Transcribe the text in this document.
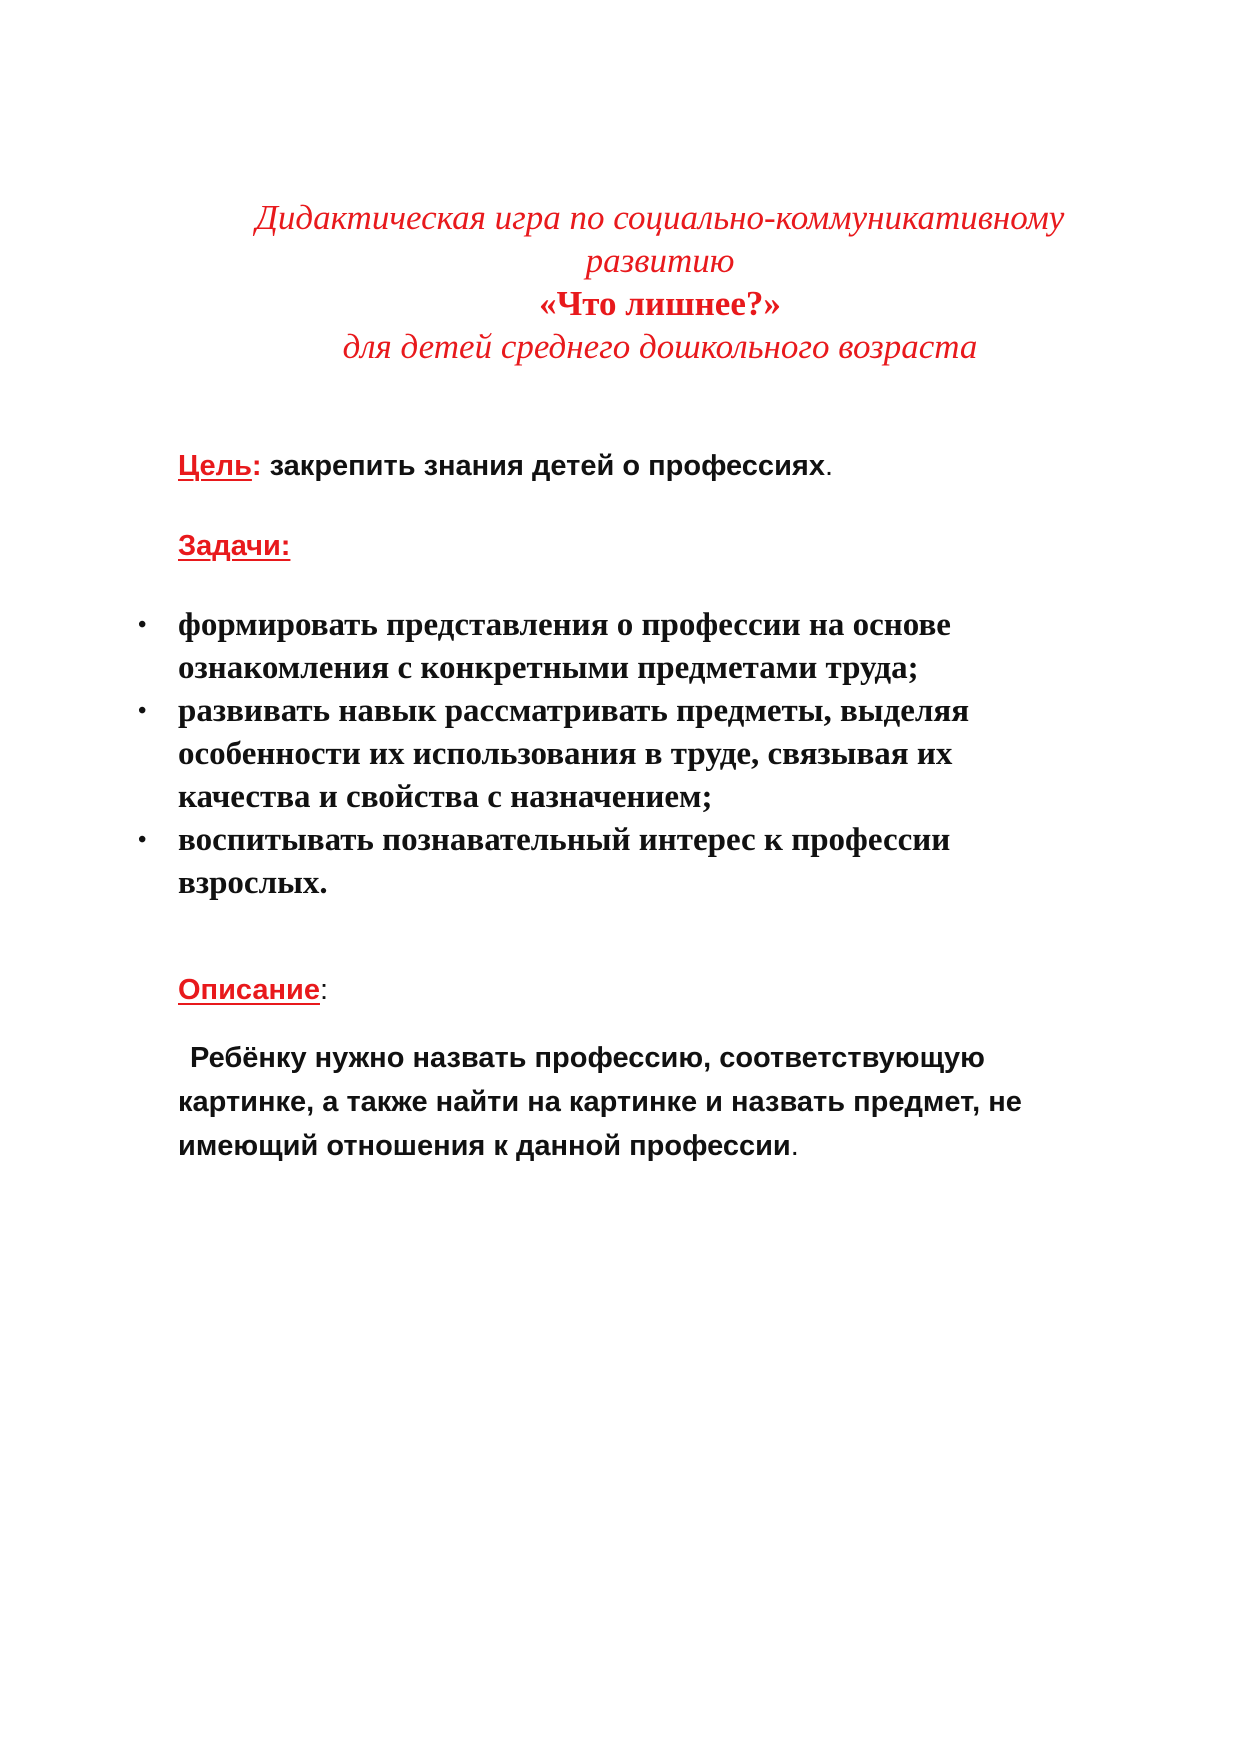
Дидактическая игра по социально-коммуникативному
развитию
«Что лишнее?»
для детей среднего дошкольного возраста
Цель: закрепить знания детей о профессиях.
Задачи:
• формировать представления о профессии на основе
ознакомления с конкретными предметами труда;
• развивать навык рассматривать предметы, выделяя
особенности их использования в труде, связывая их
качества и свойства с назначением;
• воспитывать познавательный интерес к профессии
взрослых.
Описание:
Ребёнку нужно назвать профессию, соответствующую
картинке, а также найти на картинке и назвать предмет, не
имеющий отношения к данной профессии.
